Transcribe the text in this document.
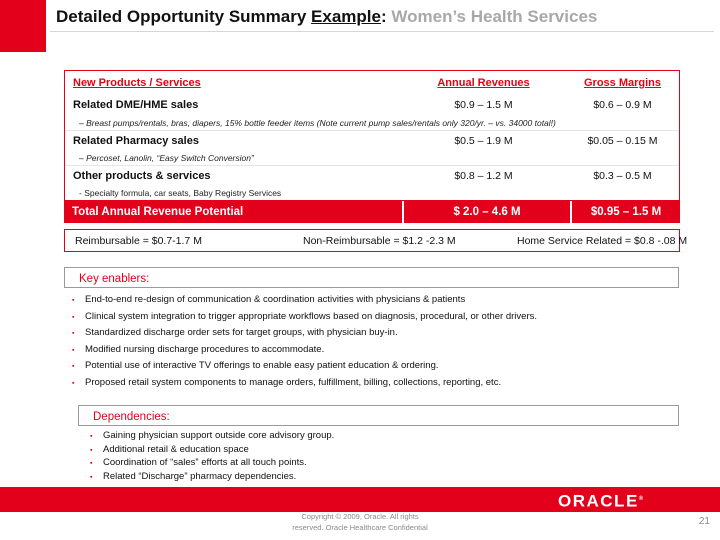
Detailed Opportunity Summary Example: Women’s Health Services
New Products / Services	Annual Revenues	Gross Margins
Related DME/HME sales	$0.9 – 1.5 M	$0.6 – 0.9 M
– Breast pumps/rentals, bras, diapers, 15% bottle feeder items (Note current pump sales/rentals only 320/yr. – vs. 34000 total!)
Related Pharmacy sales	$0.5 – 1.9 M	$0.05 – 0.15 M
– Percoset, Lanolin, “Easy Switch Conversion”
Other products & services	$0.8 – 1.2 M	$0.3 – 0.5 M
- Specialty formula, car seats, Baby Registry Services
Total Annual Revenue Potential	$ 2.0 – 4.6 M	$0.95 – 1.5 M
Reimbursable = $0.7-1.7 M	Non-Reimbursable = $1.2 -2.3 M	Home Service Related = $0.8 -.08 M
Key enablers:
▪	End-to-end re-design of communication & coordination activities with physicians & patients
▪	Clinical system integration to trigger appropriate workflows based on diagnosis, procedural, or other drivers.
▪	Standardized discharge order sets for target groups, with physician buy-in.
▪	Modified nursing discharge procedures to accommodate.
▪	Potential use of interactive TV offerings to enable easy patient education & ordering.
▪	Proposed retail system components to manage orders, fulfillment, billing, collections, reporting, etc.
Dependencies:
▪	Gaining physician support outside core advisory group.
▪	Additional retail & education space
▪	Coordination of “sales” efforts at all touch points.
▪	Related “Discharge” pharmacy dependencies.
ORACLE®
Copyright © 2009, Oracle. All rights
reserved. Oracle Healthcare Confidential	21
